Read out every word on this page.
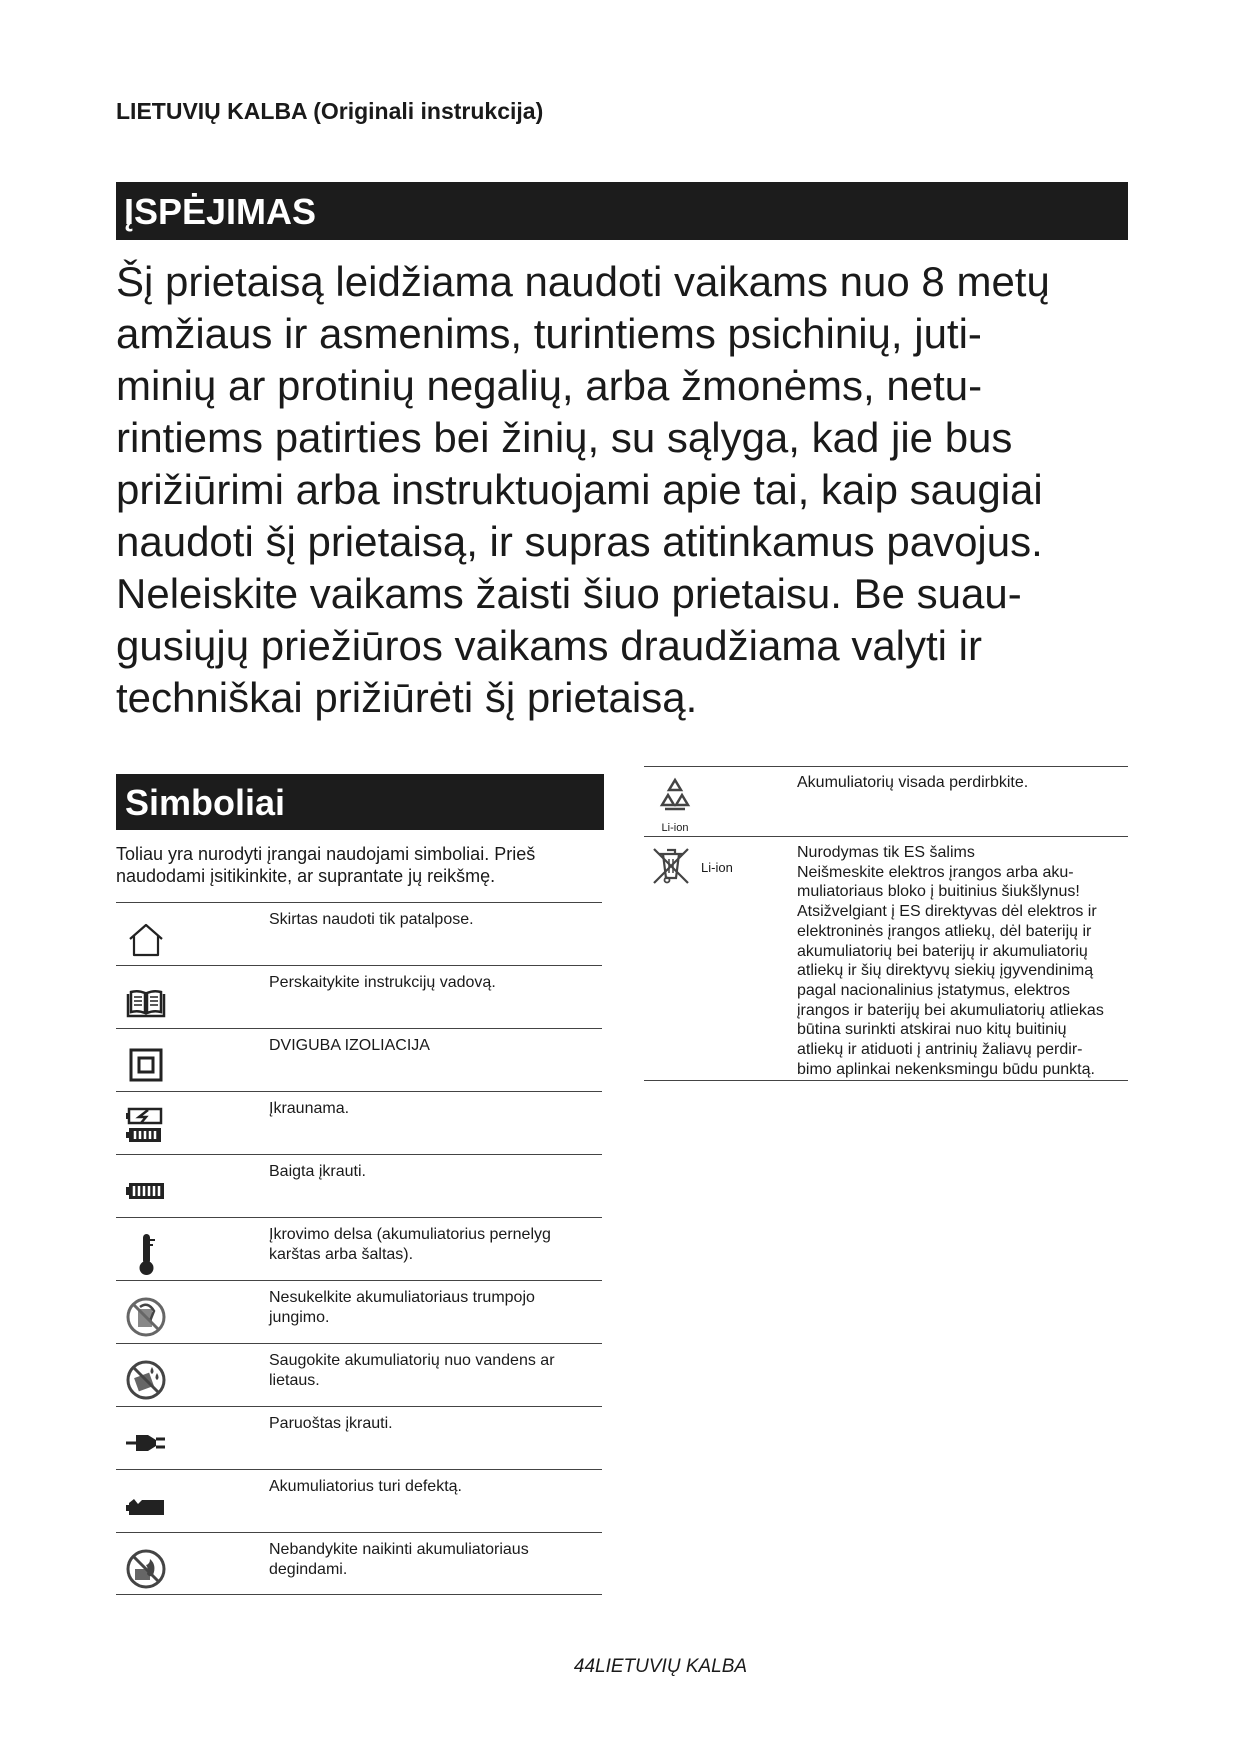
LIETUVIŲ KALBA (Originali instrukcija)
ĮSPĖJIMAS
Šį prietaisą leidžiama naudoti vaikams nuo 8 metų
amžiaus ir asmenims, turintiems psichinių, juti-
minių ar protinių negalių, arba žmonėms, netu-
rintiems patirties bei žinių, su sąlyga, kad jie bus
prižiūrimi arba instruktuojami apie tai, kaip saugiai
naudoti šį prietaisą, ir supras atitinkamus pavojus.
Neleiskite vaikams žaisti šiuo prietaisu. Be suau-
gusiųjų priežiūros vaikams draudžiama valyti ir
techniškai prižiūrėti šį prietaisą.
Simboliai
Toliau yra nurodyti įrangai naudojami simboliai. Prieš
naudodami įsitikinkite, ar suprantate jų reikšmę.
Skirtas naudoti tik patalpose.
Perskaitykite instrukcijų vadovą.
DVIGUBA IZOLIACIJA
Įkraunama.
Baigta įkrauti.
Įkrovimo delsa (akumuliatorius pernelyg karštas arba šaltas).
Nesukelkite akumuliatoriaus trumpojo jungimo.
Saugokite akumuliatorių nuo vandens ar lietaus.
Paruoštas įkrauti.
Akumuliatorius turi defektą.
Nebandykite naikinti akumuliatoriaus degindami.
Li-ion
Akumuliatorių visada perdirbkite.
Li-ion
Nurodymas tik ES šalims
Neišmeskite elektros įrangos arba aku-
muliatoriaus bloko į buitinius šiukšlynus!
Atsižvelgiant į ES direktyvas dėl elektros ir
elektroninės įrangos atliekų, dėl baterijų ir
akumuliatorių bei baterijų ir akumuliatorių
atliekų ir šių direktyvų siekių įgyvendinimą
pagal nacionalinius įstatymus, elektros
įrangos ir baterijų bei akumuliatorių atliekas
būtina surinkti atskirai nuo kitų buitinių
atliekų ir atiduoti į antrinių žaliavų perdir-
bimo aplinkai nekenksmingu būdu punktą.
44LIETUVIŲ KALBA
